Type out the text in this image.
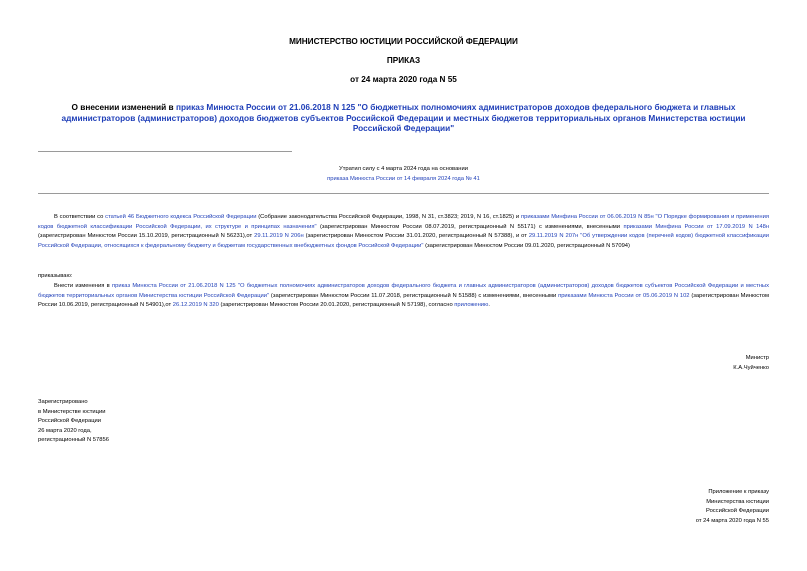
МИНИСТЕРСТВО ЮСТИЦИИ РОССИЙСКОЙ ФЕДЕРАЦИИ
ПРИКАЗ
от 24 марта 2020 года N 55
О внесении изменений в приказ Минюста России от 21.06.2018 N 125 "О бюджетных полномочиях администраторов доходов федерального бюджета и главных администраторов (администраторов) доходов бюджетов субъектов Российской Федерации и местных бюджетов территориальных органов Министерства юстиции Российской Федерации"
Утратил силу с 4 марта 2024 года на основании
приказа Минюста России от 14 февраля 2024 года № 41

В соответствии со статьей 46 Бюджетного кодекса Российской Федерации (Собрание законодательства Российской Федерации, 1998, N 31, ст.3823; 2019, N 16, ст.1825) и приказами Минфина России от 06.06.2019 N 85н "О Порядке формирования и применения кодов бюджетной классификации Российской Федерации, их структуре и принципах назначения" (зарегистрирован Минюстом России 08.07.2019, регистрационный N 55171) с изменениями, внесенными приказами Минфина России от 17.09.2019 N 148н (зарегистрирован Минюстом России 15.10.2019, регистрационный N 56231),от 29.11.2019 N 206н (зарегистрирован Минюстом России 31.01.2020, регистрационный N 57388), и от 29.11.2019 N 207н "Об утверждении кодов (перечней кодов) бюджетной классификации Российской Федерации, относящихся к федеральному бюджету и бюджетам государственных внебюджетных фондов Российской Федерации" (зарегистрирован Минюстом России 09.01.2020, регистрационный N 57094)

приказываю:

Внести изменения в приказ Минюста России от 21.06.2018 N 125 "О бюджетных полномочиях администраторов доходов федерального бюджета и главных администраторов (администраторов) доходов бюджетов субъектов Российской Федерации и местных бюджетов территориальных органов Министерства юстиции Российской Федерации" (зарегистрирован Минюстом России 11.07.2018, регистрационный N 51588) с изменениями, внесенными приказами Минюста России от 05.06.2019 N 102 (зарегистрирован Минюстом России 10.06.2019, регистрационный N 54901),от 26.12.2019 N 320 (зарегистрирован Минюстом России 20.01.2020, регистрационный N 57198), согласно приложению.

Министр
К.А.Чуйченко
Зарегистрировано
в Министерстве юстиции
Российской Федерации
26 марта 2020 года,
регистрационный N 57856
Приложение к приказу
Министерства юстиции
Российской Федерации
от 24 марта 2020 года N 55
